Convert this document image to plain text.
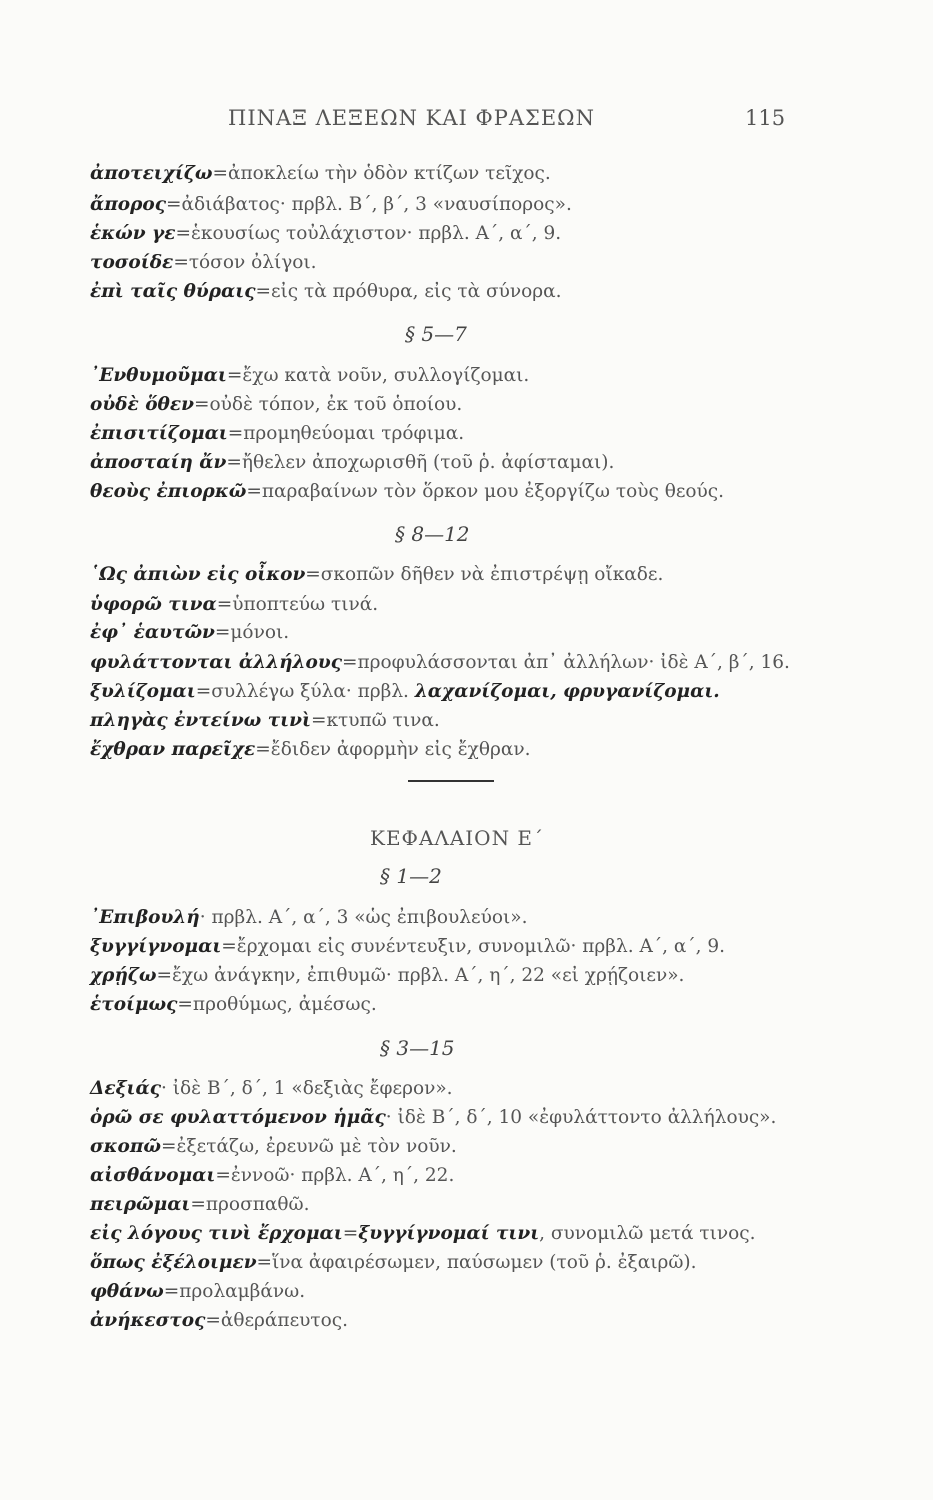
ΠΙΝΑΞ ΛΕΞΕΩΝ ΚΑΙ ΦΡΑΣΕΩΝ	115
ἀποτειχίζω=ἀποκλείω τὴν ὁδὸν κτίζων τεῖχος.
ἄπορος=ἀδιάβατος· πρβλ. Β΄, β΄, 3 «ναυσίπορος».
ἑκών γε=ἑκουσίως τοὐλάχιστον· πρβλ. Α΄, α΄, 9.
τοσοίδε=τόσον ὀλίγοι.
ἐπὶ ταῖς θύραις=εἰς τὰ πρόθυρα, εἰς τὰ σύνορα.
§ 5—7
᾿Ενθυμοῦμαι=ἔχω κατὰ νοῦν, συλλογίζομαι.
οὐδὲ ὅθεν=οὐδὲ τόπον, ἐκ τοῦ ὁποίου.
ἐπισιτίζομαι=προμηθεύομαι τρόφιμα.
ἀποσταίη ἄν=ἤθελεν ἀποχωρισθῆ (τοῦ ῥ. ἀφίσταμαι).
θεοὺς ἐπιορκῶ=παραβαίνων τὸν ὅρκον μου ἐξοργίζω τοὺς θεούς.
§ 8—12
῾Ως ἀπιὼν εἰς οἶκον=σκοπῶν δῆθεν νὰ ἐπιστρέψῃ οἴκαδε.
ὑφορῶ τινα=ὑποπτεύω τινά.
ἐφ᾿ ἑαυτῶν=μόνοι.
φυλάττονται ἀλλήλους=προφυλάσσονται ἀπ᾿ ἀλλήλων· ἰδὲ Α΄, β΄, 16.
ξυλίζομαι=συλλέγω ξύλα· πρβλ. λαχανίζομαι, φρυγανίζομαι.
πληγὰς ἐντείνω τινὶ=κτυπῶ τινα.
ἔχθραν παρεῖχε=ἔδιδεν ἀφορμὴν εἰς ἔχθραν.
᾿Επιβουλή· πρβλ. Α΄, α΄, 3 «ὡς ἐπιβουλεύοι».
ξυγγίγνομαι=ἔρχομαι εἰς συνέντευξιν, συνομιλῶ· πρβλ. Α΄, α΄, 9.
χρῄζω=ἔχω ἀνάγκην, ἐπιθυμῶ· πρβλ. Α΄, η΄, 22 «εἰ χρῄζοιεν».
ἑτοίμως=προθύμως, ἀμέσως.
§ 3—15
Δεξιάς· ἰδὲ Β΄, δ΄, 1 «δεξιὰς ἔφερον».
ὁρῶ σε φυλαττόμενον ἡμᾶς· ἰδὲ Β΄, δ΄, 10 «ἐφυλάττοντο ἀλλήλους».
σκοπῶ=ἐξετάζω, ἐρευνῶ μὲ τὸν νοῦν.
αἰσθάνομαι=ἐννοῶ· πρβλ. Α΄, η΄, 22.
πειρῶμαι=προσπαθῶ.
εἰς λόγους τινὶ ἔρχομαι=ξυγγίγνομαί τινι, συνομιλῶ μετά τινος.
ὅπως ἐξέλοιμεν=ἵνα ἀφαιρέσωμεν, παύσωμεν (τοῦ ῥ. ἐξαιρῶ).
φθάνω=προλαμβάνω.
ἀνήκεστος=ἀθεράπευτος.
ΚΕΦΑΛΑΙΟΝ Ε΄
§ 1—2
